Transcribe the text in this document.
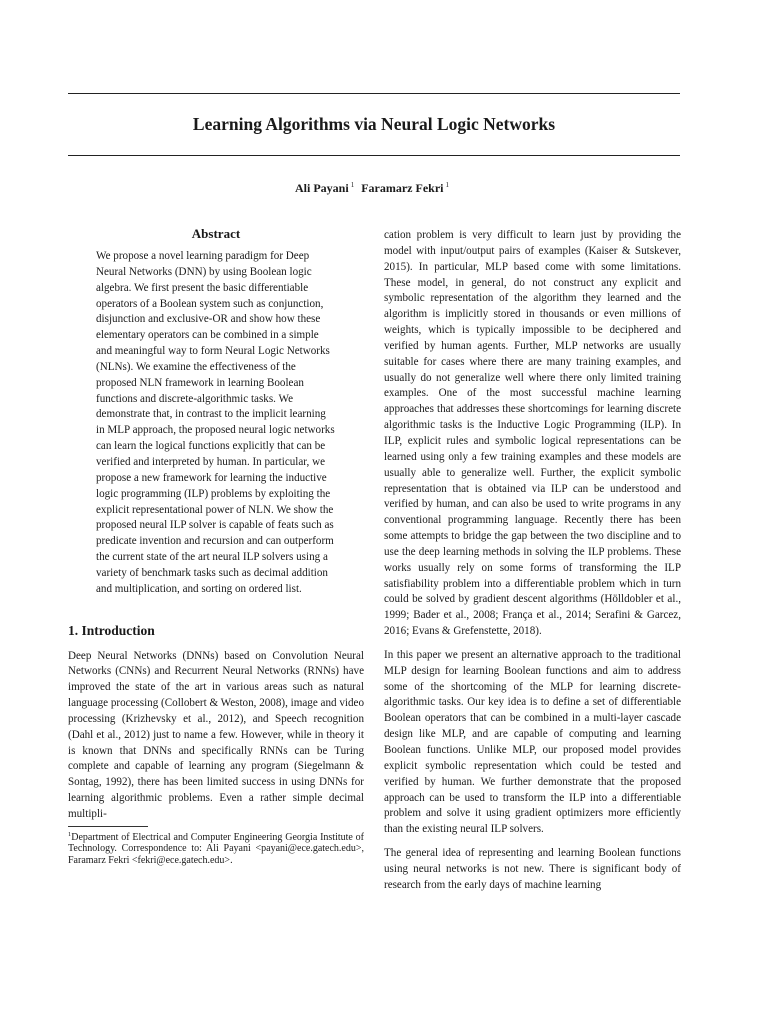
Learning Algorithms via Neural Logic Networks
Ali Payani $^1$ Faramarz Fekri $^1$
Abstract
We propose a novel learning paradigm for Deep Neural Networks (DNN) by using Boolean logic algebra. We first present the basic differentiable operators of a Boolean system such as conjunction, disjunction and exclusive-OR and show how these elementary operators can be combined in a simple and meaningful way to form Neural Logic Networks (NLNs). We examine the effectiveness of the proposed NLN framework in learning Boolean functions and discrete-algorithmic tasks. We demonstrate that, in contrast to the implicit learning in MLP approach, the proposed neural logic networks can learn the logical functions explicitly that can be verified and interpreted by human. In particular, we propose a new framework for learning the inductive logic programming (ILP) problems by exploiting the explicit representational power of NLN. We show the proposed neural ILP solver is capable of feats such as predicate invention and recursion and can outperform the current state of the art neural ILP solvers using a variety of benchmark tasks such as decimal addition and multiplication, and sorting on ordered list.
1. Introduction

Deep Neural Networks (DNNs) based on Convolution Neural Networks (CNNs) and Recurrent Neural Networks (RNNs) have improved the state of the art in various areas such as natural language processing (Collobert & Weston, 2008), image and video processing (Krizhevsky et al., 2012), and Speech recognition (Dahl et al., 2012) just to name a few. However, while in theory it is known that DNNs and specifically RNNs can be Turing complete and capable of learning any program (Siegelmann & Sontag, 1992), there has been limited success in using DNNs for learning algorithmic problems. Even a rather simple decimal multipli-

$^1$Department of Electrical and Computer Engineering Georgia Institute of Technology. Correspondence to: Ali Payani <payani@ece.gatech.edu>, Faramarz Fekri <fekri@ece.gatech.edu>.

cation problem is very difficult to learn just by providing the model with input/output pairs of examples (Kaiser & Sutskever, 2015). In particular, MLP based come with some limitations. These model, in general, do not construct any explicit and symbolic representation of the algorithm they learned and the algorithm is implicitly stored in thousands or even millions of weights, which is typically impossible to be deciphered and verified by human agents. Further, MLP networks are usually suitable for cases where there are many training examples, and usually do not generalize well where there only limited training examples. One of the most successful machine learning approaches that addresses these shortcomings for learning discrete algorithmic tasks is the Inductive Logic Programming (ILP). In ILP, explicit rules and symbolic logical representations can be learned using only a few training examples and these models are usually able to generalize well. Further, the explicit symbolic representation that is obtained via ILP can be understood and verified by human, and can also be used to write programs in any conventional programming language. Recently there has been some attempts to bridge the gap between the two discipline and to use the deep learning methods in solving the ILP problems. These works usually rely on some forms of transforming the ILP satisfiability problem into a differentiable problem which in turn could be solved by gradient descent algorithms (Hölldobler et al., 1999; Bader et al., 2008; França et al., 2014; Serafini & Garcez, 2016; Evans & Grefenstette, 2018).

In this paper we present an alternative approach to the traditional MLP design for learning Boolean functions and aim to address some of the shortcoming of the MLP for learning discrete-algorithmic tasks. Our key idea is to define a set of differentiable Boolean operators that can be combined in a multi-layer cascade design like MLP, and are capable of computing and learning Boolean functions. Unlike MLP, our proposed model provides explicit symbolic representation which could be tested and verified by human. We further demonstrate that the proposed approach can be used to transform the ILP into a differentiable problem and solve it using gradient optimizers more efficiently than the existing neural ILP solvers.

The general idea of representing and learning Boolean functions using neural networks is not new. There is significant body of research from the early days of machine learning
